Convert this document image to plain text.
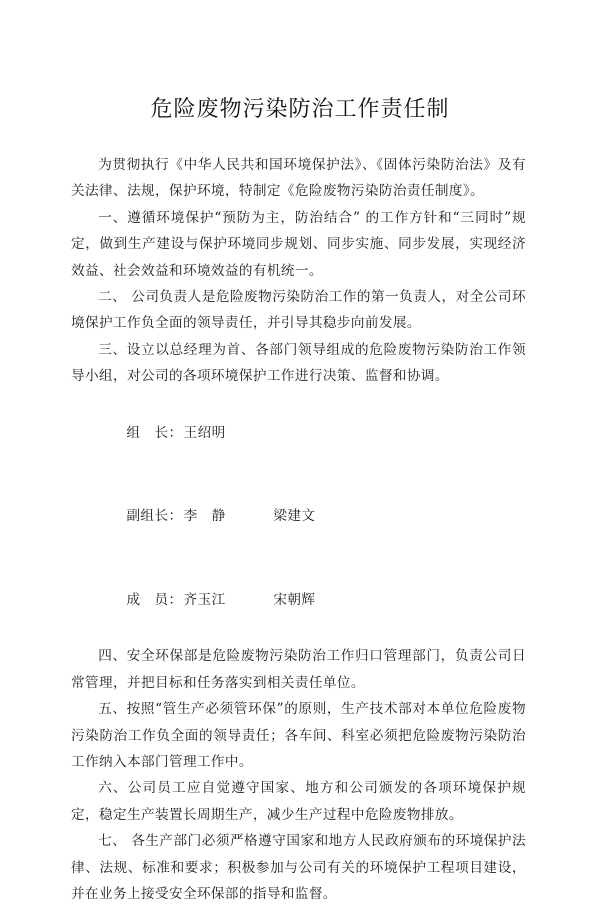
危险废物污染防治工作责任制

为贯彻执行《中华人民共和国环境保护法》、《固体污染防治法》及有关法律、法规，保护环境，特制定《危险废物污染防治责任制度》。

一、遵循环境保护“预防为主，防治结合” 的工作方针和“三同时”规定，做到生产建设与保护环境同步规划、同步实施、同步发展，实现经济效益、社会效益和环境效益的有机统一。

二、 公司负责人是危险废物污染防治工作的第一负责人，对全公司环境保护工作负全面的领导责任，并引导其稳步向前发展。

三、设立以总经理为首、各部门领导组成的危险废物污染防治工作领导小组，对公司的各项环境保护工作进行决策、监督和协调。

组　长：王绍明

副组长：李　静	梁建文

成　员：齐玉江	宋朝辉

四、安全环保部是危险废物污染防治工作归口管理部门，负责公司日常管理，并把目标和任务落实到相关责任单位。

五、按照“管生产必须管环保”的原则，生产技术部对本单位危险废物污染防治工作负全面的领导责任；各车间、科室必须把危险废物污染防治工作纳入本部门管理工作中。

六、公司员工应自觉遵守国家、地方和公司颁发的各项环境保护规定，稳定生产装置长周期生产，减少生产过程中危险废物排放。

七、 各生产部门必须严格遵守国家和地方人民政府颁布的环境保护法律、法规、标准和要求；积极参加与公司有关的环境保护工程项目建设，并在业务上接受安全环保部的指导和监督。
